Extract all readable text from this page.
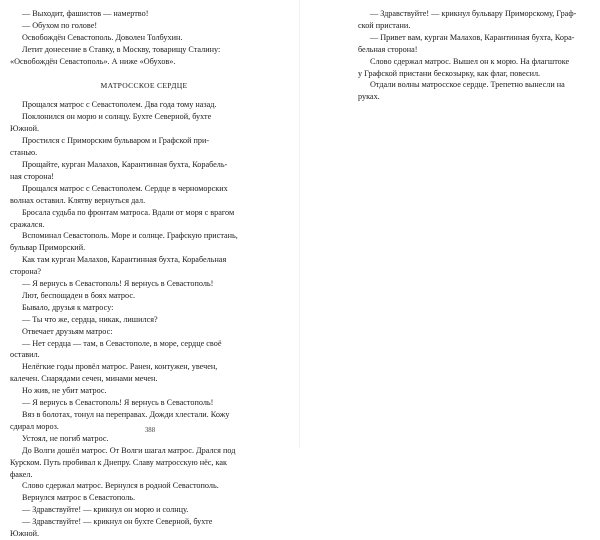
— Выходит, фашистов — намертво!
— Обухом по голове!
Освобождён Севастополь. Доволен Толбухин.
Летит донесение в Ставку, в Москву, товарищу Сталину:
«Освобождён Севастополь». А ниже «Обухов».
МАТРОССКОЕ СЕРДЦЕ
Прощался матрос с Севастополем. Два года тому назад.
Поклонился он морю и солнцу. Бухте Северной, бухте
Южной.
Простился с Приморским бульваром и Графской при-
станью.
Прощайте, курган Малахов, Карантинная бухта, Корабель-
ная сторона!
Прощался матрос с Севастополем. Сердце в черноморских
волнах оставил. Клятву вернуться дал.
Бросала судьба по фронтам матроса. Вдали от моря с врагом
сражался.
Вспоминал Севастополь. Море и солнце. Графскую пристань,
бульвар Приморский.
Как там курган Малахов, Карантинная бухта, Корабельная
сторона?
— Я вернусь в Севастополь! Я вернусь в Севастополь!
Лют, беспощаден в боях матрос.
Бывало, друзья к матросу:
— Ты что же, сердца, никак, лишился?
Отвечает друзьям матрос:
— Нет сердца — там, в Севастополе, в море, сердце своё
оставил.
Нелёгкие годы провёл матрос. Ранен, контужен, увечен,
калечен. Снарядами сечен, минами мечен.
Но жив, не убит матрос.
— Я вернусь в Севастополь! Я вернусь в Севастополь!
Вяз в болотах, тонул на переправах. Дожди хлестали. Кожу
сдирал мороз.
Устоял, не погиб матрос.
До Волги дошёл матрос. От Волги шагал матрос. Дрался под
Курском. Путь пробивал к Днепру. Славу матросскую нёс, как
факел.
Слово сдержал матрос. Вернулся в родной Севастополь.
Вернулся матрос в Севастополь.
— Здравствуйте! — крикнул он морю и солнцу.
— Здравствуйте! — крикнул он бухте Северной, бухте
Южной.
388
— Здравствуйте! — крикнул бульвару Приморскому, Граф-
ской пристани.
— Привет вам, курган Малахов, Карантинная бухта, Кора-
бельная сторона!
Слово сдержал матрос. Вышел он к морю. На флагштоке
у Графской пристани бескозырку, как флаг, повесил.
Отдали волны матросское сердце. Трепетно вынесли на
руках.
